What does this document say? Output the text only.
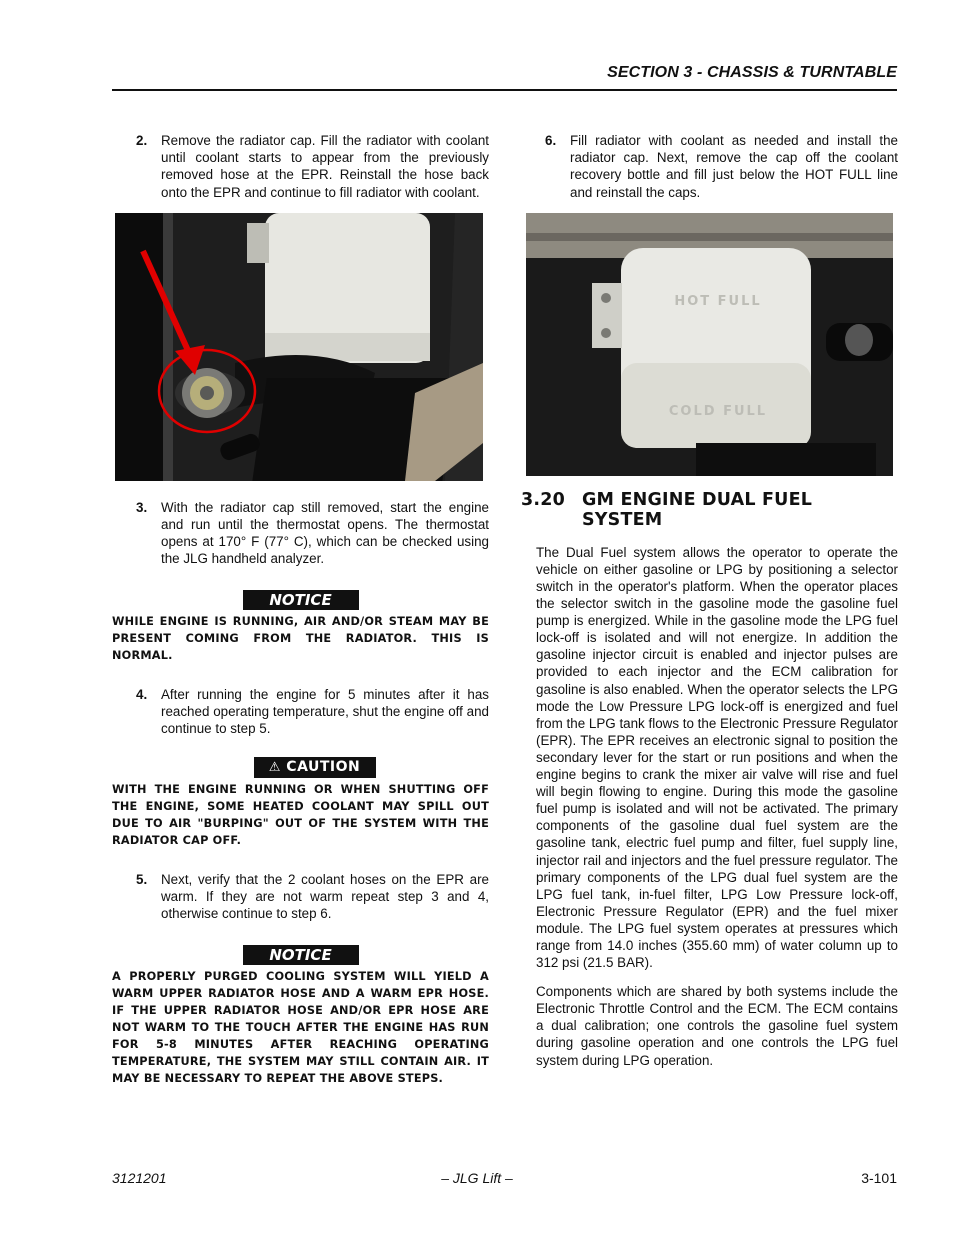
SECTION 3 - CHASSIS & TURNTABLE
2. Remove the radiator cap. Fill the radiator with coolant until coolant starts to appear from the previously removed hose at the EPR. Reinstall the hose back onto the EPR and continue to fill radiator with coolant.
3. With the radiator cap still removed, start the engine and run until the thermostat opens. The thermostat opens at 170° F (77° C), which can be checked using the JLG handheld analyzer.
NOTICE
WHILE ENGINE IS RUNNING, AIR AND/OR STEAM MAY BE PRESENT COMING FROM THE RADIATOR. THIS IS NORMAL.
4. After running the engine for 5 minutes after it has reached operating temperature, shut the engine off and continue to step 5.
⚠ CAUTION
WITH THE ENGINE RUNNING OR WHEN SHUTTING OFF THE ENGINE, SOME HEATED COOLANT MAY SPILL OUT DUE TO AIR "BURPING" OUT OF THE SYSTEM WITH THE RADIATOR CAP OFF.
5. Next, verify that the 2 coolant hoses on the EPR are warm. If they are not warm repeat step 3 and 4, otherwise continue to step 6.
NOTICE
A PROPERLY PURGED COOLING SYSTEM WILL YIELD A WARM UPPER RADIATOR HOSE AND A WARM EPR HOSE. IF THE UPPER RADIATOR HOSE AND/OR EPR HOSE ARE NOT WARM TO THE TOUCH AFTER THE ENGINE HAS RUN FOR 5-8 MINUTES AFTER REACHING OPERATING TEMPERATURE, THE SYSTEM MAY STILL CONTAIN AIR. IT MAY BE NECESSARY TO REPEAT THE ABOVE STEPS.
6. Fill radiator with coolant as needed and install the radiator cap. Next, remove the cap off the coolant recovery bottle and fill just below the HOT FULL line and reinstall the caps.
HOT FULL
COLD FULL
3.20 GM ENGINE DUAL FUEL SYSTEM
The Dual Fuel system allows the operator to operate the vehicle on either gasoline or LPG by positioning a selector switch in the operator's platform. When the operator places the selector switch in the gasoline mode the gasoline fuel pump is energized. While in the gasoline mode the LPG fuel lock-off is isolated and will not energize. In addition the gasoline injector circuit is enabled and injector pulses are provided to each injector and the ECM calibration for gasoline is also enabled. When the operator selects the LPG mode the Low Pressure LPG lock-off is energized and fuel from the LPG tank flows to the Electronic Pressure Regulator (EPR). The EPR receives an electronic signal to position the secondary lever for the start or run positions and when the engine begins to crank the mixer air valve will rise and fuel will begin flowing to engine. During this mode the gasoline fuel pump is isolated and will not be activated. The primary components of the gasoline dual fuel system are the gasoline tank, electric fuel pump and filter, fuel supply line, injector rail and injectors and the fuel pressure regulator. The primary components of the LPG dual fuel system are the LPG fuel tank, in-fuel filter, LPG Low Pressure lock-off, Electronic Pressure Regulator (EPR) and the fuel mixer module. The LPG fuel system operates at pressures which range from 14.0 inches (355.60 mm) of water column up to 312 psi (21.5 BAR).
Components which are shared by both systems include the Electronic Throttle Control and the ECM. The ECM contains a dual calibration; one controls the gasoline fuel system during gasoline operation and one controls the LPG fuel system during LPG operation.
3121201	– JLG Lift –	3-101
